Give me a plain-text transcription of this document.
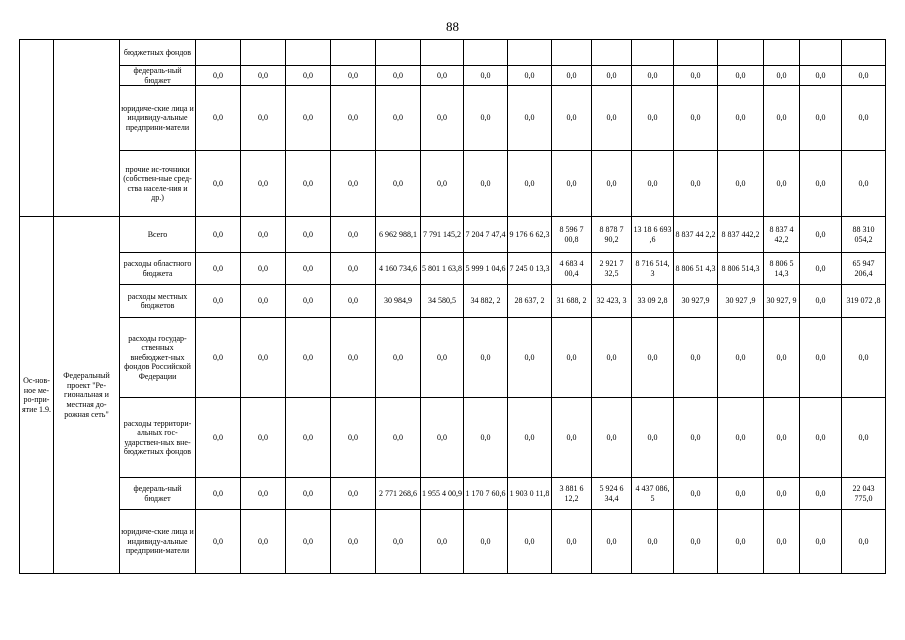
88
		бюджетных фондов																
		федераль-ный бюджет	0,0	0,0	0,0	0,0	0,0	0,0	0,0	0,0	0,0	0,0	0,0	0,0	0,0	0,0	0,0	0,0
		юридиче-ские лица и индивиду-альные предприни-матели	0,0	0,0	0,0	0,0	0,0	0,0	0,0	0,0	0,0	0,0	0,0	0,0	0,0	0,0	0,0	0,0
		прочие ис-точники (собствен-ные сред-ства населе-ния и др.)	0,0	0,0	0,0	0,0	0,0	0,0	0,0	0,0	0,0	0,0	0,0	0,0	0,0	0,0	0,0	0,0
Ос-нов-ное ме-ро-при-ятие 1.9.	Федеральный проект "Ре-гиональная и местная до-рожная сеть"	Всего	0,0	0,0	0,0	0,0	6 962 988,1	7 791 145,2	7 204 7 47,4	9 176 6 62,3	8 596 7 00,8	8 878 7 90,2	13 18 6 693 ,6	8 837 44 2,2	8 837 442,2	8 837 4 42,2	0,0	88 310 054,2
		расходы областного бюджета	0,0	0,0	0,0	0,0	4 160 734,6	5 801 1 63,8	5 999 1 04,6	7 245 0 13,3	4 683 4 00,4	2 921 7 32,5	8 716 514, 3	8 806 51 4,3	8 806 514,3	8 806 5 14,3	0,0	65 947 206,4
		расходы местных бюджетов	0,0	0,0	0,0	0,0	30 984,9	34 580,5	34 882, 2	28 637, 2	31 688, 2	32 423, 3	33 09 2,8	30 927,9	30 927 ,9	30 927, 9	0,0	319 072 ,8
		расходы государ-ственных внебюджет-ных фондов Российской Федерации	0,0	0,0	0,0	0,0	0,0	0,0	0,0	0,0	0,0	0,0	0,0	0,0	0,0	0,0	0,0	0,0
		расходы территори-альных гос-ударствен-ных вне-бюджетных фондов	0,0	0,0	0,0	0,0	0,0	0,0	0,0	0,0	0,0	0,0	0,0	0,0	0,0	0,0	0,0	0,0
		федераль-ный бюджет	0,0	0,0	0,0	0,0	2 771 268,6	1 955 4 00,9	1 170 7 60,6	1 903 0 11,8	3 881 6 12,2	5 924 6 34,4	4 437 086, 5	0,0	0,0	0,0	0,0	22 043 775,0
		юридиче-ские лица и индивиду-альные предприни-матели	0,0	0,0	0,0	0,0	0,0	0,0	0,0	0,0	0,0	0,0	0,0	0,0	0,0	0,0	0,0	0,0
